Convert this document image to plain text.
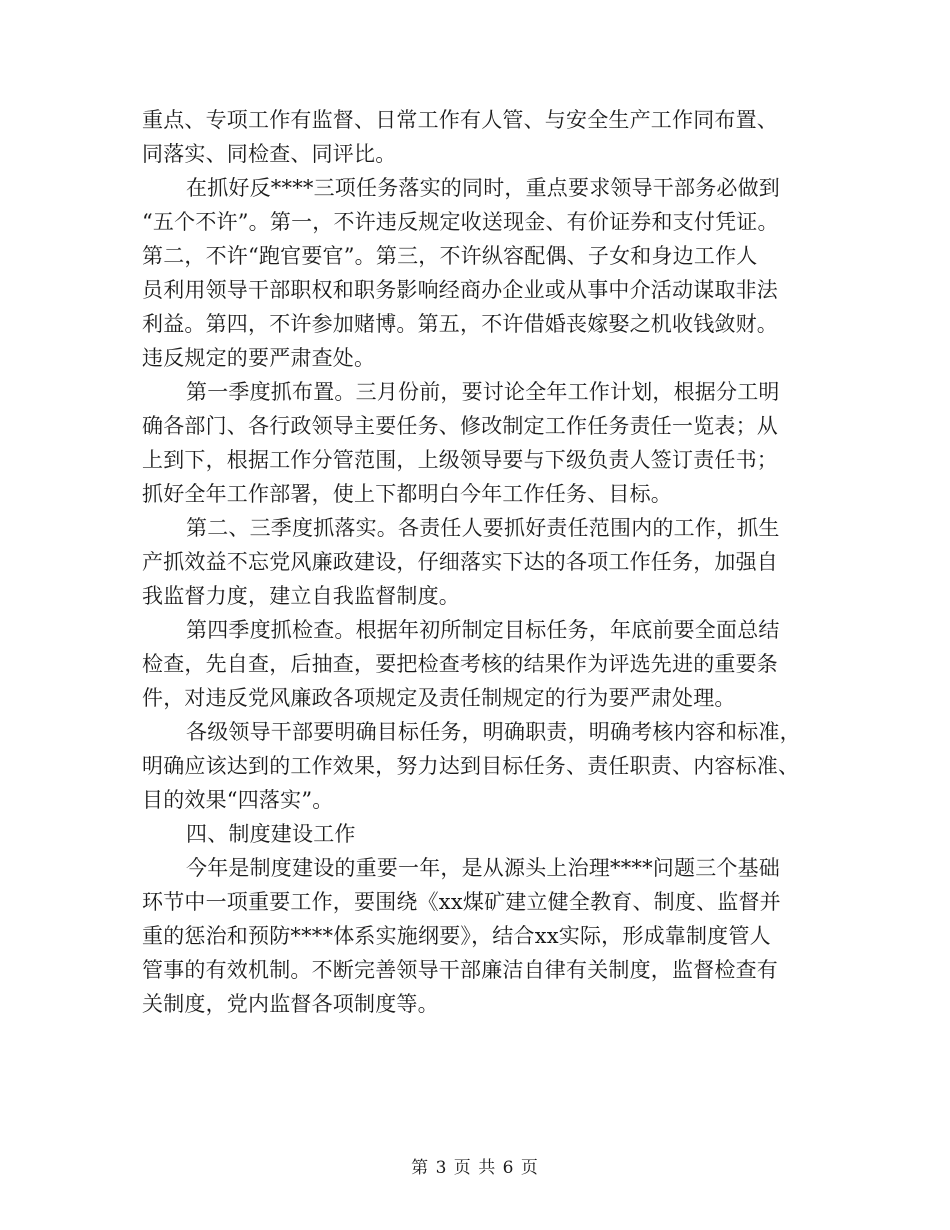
重点、专项工作有监督、日常工作有人管、与安全生产工作同布置、
同落实、同检查、同评比。
在抓好反****三项任务落实的同时，重点要求领导干部务必做到
“五个不许”。第一，不许违反规定收送现金、有价证券和支付凭证。
第二，不许“跑官要官”。第三，不许纵容配偶、子女和身边工作人
员利用领导干部职权和职务影响经商办企业或从事中介活动谋取非法
利益。第四，不许参加赌博。第五，不许借婚丧嫁娶之机收钱敛财。
违反规定的要严肃查处。
第一季度抓布置。三月份前，要讨论全年工作计划，根据分工明
确各部门、各行政领导主要任务、修改制定工作任务责任一览表；从
上到下，根据工作分管范围，上级领导要与下级负责人签订责任书；
抓好全年工作部署，使上下都明白今年工作任务、目标。
第二、三季度抓落实。各责任人要抓好责任范围内的工作，抓生
产抓效益不忘党风廉政建设，仔细落实下达的各项工作任务，加强自
我监督力度，建立自我监督制度。
第四季度抓检查。根据年初所制定目标任务，年底前要全面总结
检查，先自查，后抽查，要把检查考核的结果作为评选先进的重要条
件，对违反党风廉政各项规定及责任制规定的行为要严肃处理。
各级领导干部要明确目标任务，明确职责，明确考核内容和标准，
明确应该达到的工作效果，努力达到目标任务、责任职责、内容标准、
目的效果“四落实”。
四、制度建设工作
今年是制度建设的重要一年，是从源头上治理****问题三个基础
环节中一项重要工作，要围绕《xx煤矿建立健全教育、制度、监督并
重的惩治和预防****体系实施纲要》，结合xx实际，形成靠制度管人
管事的有效机制。不断完善领导干部廉洁自律有关制度，监督检查有
关制度，党内监督各项制度等。
第 3 页 共 6 页
